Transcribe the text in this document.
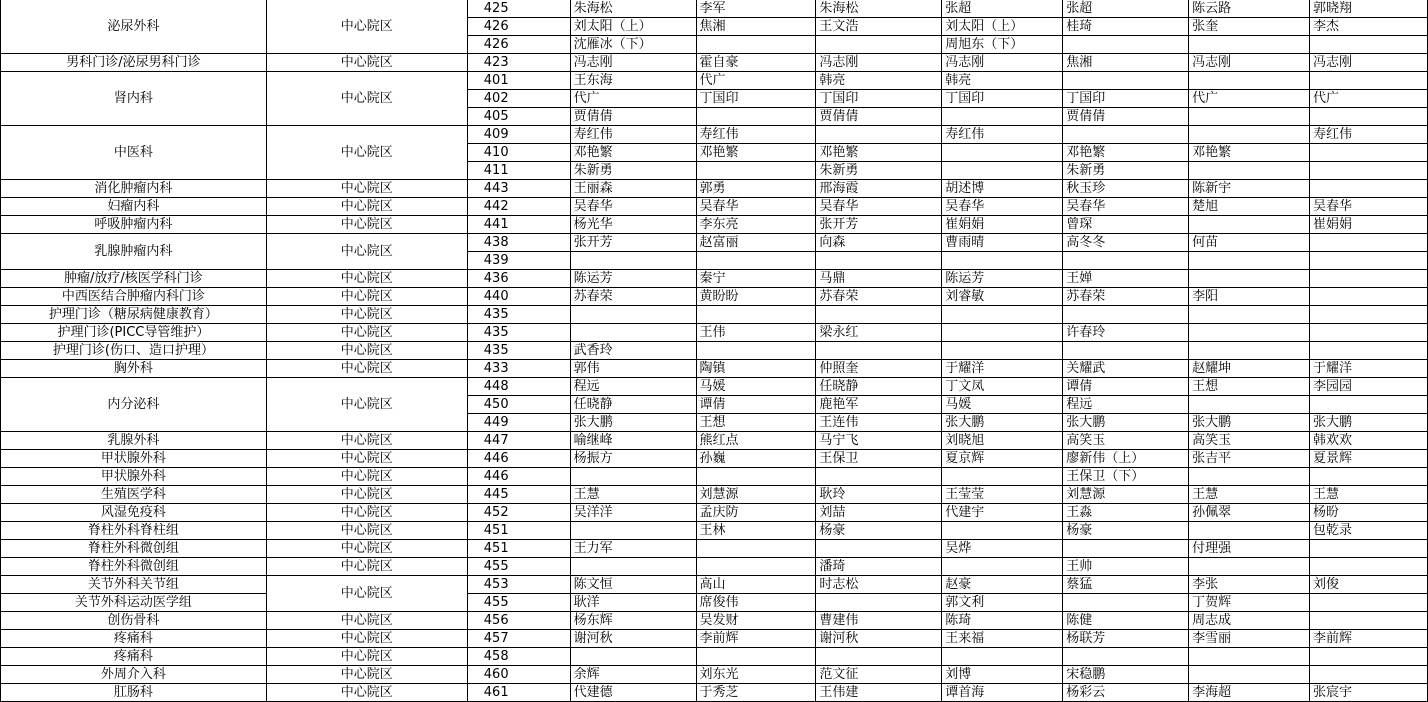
泌尿外科	中心院区	425	朱海松	李军	朱海松	张超	张超	陈云路	郭晓翔
		426	刘太阳（上）	焦湘	王文浩	刘太阳（上）	桂琦	张奎	李杰
		426	沈雁冰（下）			周旭东（下）			
男科门诊/泌尿男科门诊	中心院区	423	冯志刚	霍自豪	冯志刚	冯志刚	焦湘	冯志刚	冯志刚
肾内科	中心院区	401	王东海	代广	韩亮	韩亮			
		402	代广	丁国印	丁国印	丁国印	丁国印	代广	代广
		405	贾倩倩		贾倩倩		贾倩倩		
中医科	中心院区	409	寿红伟	寿红伟		寿红伟			寿红伟
		410	邓艳繁	邓艳繁	邓艳繁		邓艳繁	邓艳繁	
		411	朱新勇		朱新勇		朱新勇		
消化肿瘤内科	中心院区	443	王丽森	郭勇	邢海霞	胡述博	秋玉珍	陈新宇	
妇瘤内科	中心院区	442	吴春华	吴春华	吴春华	吴春华	吴春华	楚旭	吴春华
呼吸肿瘤内科	中心院区	441	杨光华	李东亮	张开芳	崔娟娟	曾琛		崔娟娟
乳腺肿瘤内科	中心院区	438	张开芳	赵富丽	向森	曹雨晴	高冬冬	何苗	
		439							
肿瘤/放疗/核医学科门诊	中心院区	436	陈运芳	秦宁	马鼎	陈运芳	王婵		
中西医结合肿瘤内科门诊	中心院区	440	苏春荣	黄盼盼	苏春荣	刘睿敏	苏春荣	李阳	
护理门诊（糖尿病健康教育）	中心院区	435							
护理门诊(PICC导管维护）	中心院区	435		王伟	梁永红		许春玲		
护理门诊(伤口、造口护理）	中心院区	435	武香玲						
胸外科	中心院区	433	郭伟	陶镇	仲照奎	于耀洋	关耀武	赵耀坤	于耀洋
内分泌科	中心院区	448	程远	马媛	任晓静	丁文凤	谭倩	王想	李园园
		450	任晓静	谭倩	鹿艳军	马媛	程远		
		449	张大鹏	王想	王连伟	张大鹏	张大鹏	张大鹏	张大鹏
乳腺外科	中心院区	447	喻继峰	熊红点	马宁飞	刘晓旭	高笑玉	高笑玉	韩欢欢
甲状腺外科	中心院区	446	杨振方	孙巍	王保卫	夏京辉	廖新伟（上）	张吉平	夏景辉
甲状腺外科	中心院区	446					王保卫（下）		
生殖医学科	中心院区	445	王慧	刘慧源	耿玲	王莹莹	刘慧源	王慧	王慧
风湿免疫科	中心院区	452	吴洋洋	孟庆防	刘喆	代建宇	王淼	孙佩翠	杨昐
脊柱外科脊柱组	中心院区	451		王林	杨豪		杨豪		包乾录
脊柱外科微创组	中心院区	451	王力军			吴烨		付理强	
脊柱外科微创组	中心院区	455			潘琦		王帅		
关节外科关节组	中心院区	453	陈文恒	高山	时志松	赵豪	蔡猛	李张	刘俊
关节外科运动医学组		455	耿洋	席俊伟		郭文利		丁贺辉	
创伤骨科	中心院区	456	杨东辉	吴发财	曹建伟	陈琦	陈健	周志成	
疼痛科	中心院区	457	谢河秋	李前辉	谢河秋	王来福	杨联芳	李雪丽	李前辉
疼痛科	中心院区	458							
外周介入科	中心院区	460	余辉	刘东光	范文征	刘博	宋稳鹏		
肛肠科	中心院区	461	代建德	于秀芝	王伟建	谭首海	杨彩云	李海超	张宸宇
